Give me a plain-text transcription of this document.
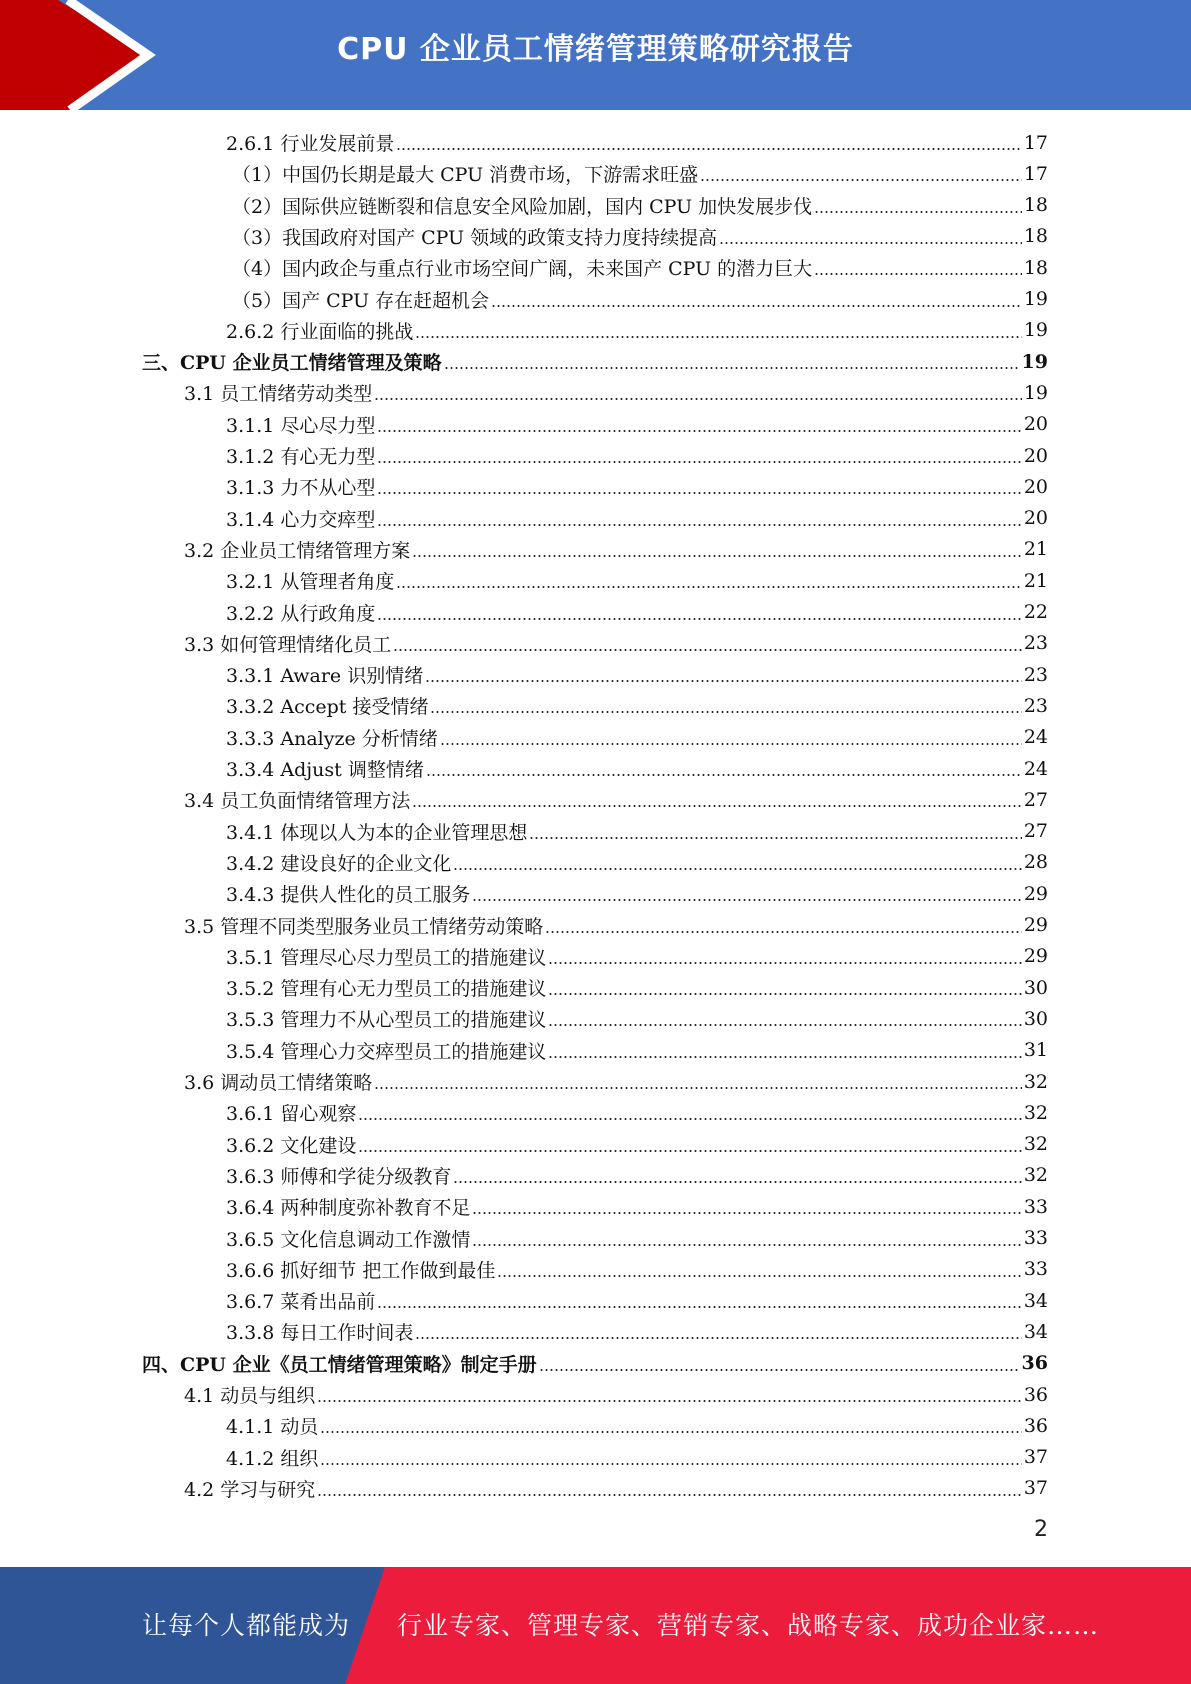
CPU 企业员工情绪管理策略研究报告
2.6.1 行业发展前景	17
（1）中国仍长期是最大 CPU 消费市场，下游需求旺盛	17
（2）国际供应链断裂和信息安全风险加剧，国内 CPU 加快发展步伐	18
（3）我国政府对国产 CPU 领域的政策支持力度持续提高	18
（4）国内政企与重点行业市场空间广阔，未来国产 CPU 的潜力巨大	18
（5）国产 CPU 存在赶超机会	19
2.6.2 行业面临的挑战	19
三、CPU 企业员工情绪管理及策略	19
3.1 员工情绪劳动类型	19
3.1.1 尽心尽力型	20
3.1.2 有心无力型	20
3.1.3 力不从心型	20
3.1.4 心力交瘁型	20
3.2 企业员工情绪管理方案	21
3.2.1 从管理者角度	21
3.2.2 从行政角度	22
3.3 如何管理情绪化员工	23
3.3.1 Aware 识别情绪	23
3.3.2 Accept 接受情绪	23
3.3.3 Analyze 分析情绪	24
3.3.4 Adjust 调整情绪	24
3.4 员工负面情绪管理方法	27
3.4.1 体现以人为本的企业管理思想	27
3.4.2 建设良好的企业文化	28
3.4.3 提供人性化的员工服务	29
3.5 管理不同类型服务业员工情绪劳动策略	29
3.5.1 管理尽心尽力型员工的措施建议	29
3.5.2 管理有心无力型员工的措施建议	30
3.5.3 管理力不从心型员工的措施建议	30
3.5.4 管理心力交瘁型员工的措施建议	31
3.6 调动员工情绪策略	32
3.6.1 留心观察	32
3.6.2 文化建设	32
3.6.3 师傅和学徒分级教育	32
3.6.4 两种制度弥补教育不足	33
3.6.5 文化信息调动工作激情	33
3.6.6 抓好细节 把工作做到最佳	33
3.6.7 菜肴出品前	34
3.3.8 每日工作时间表	34
四、CPU 企业《员工情绪管理策略》制定手册	36
4.1 动员与组织	36
4.1.1 动员	36
4.1.2 组织	37
4.2 学习与研究	37
2
让每个人都能成为 行业专家、管理专家、营销专家、战略专家、成功企业家……
